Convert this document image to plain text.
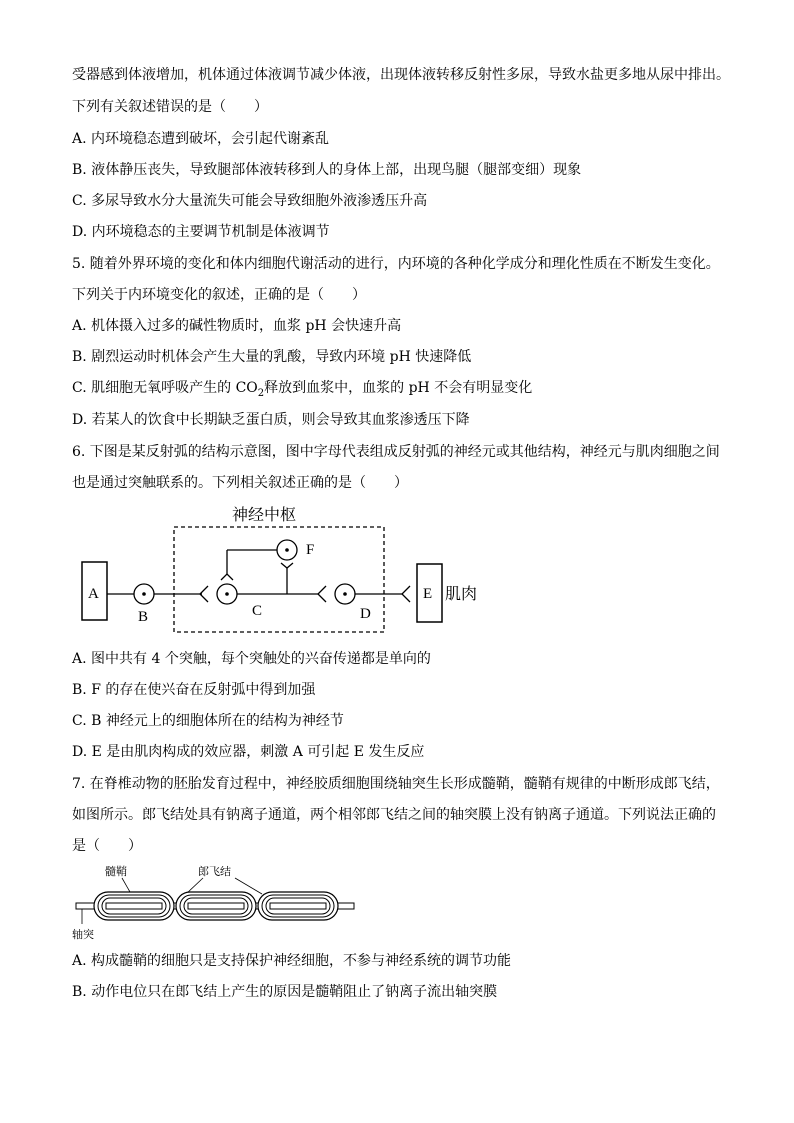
受器感到体液增加，机体通过体液调节减少体液，出现体液转移反射性多尿，导致水盐更多地从尿中排出。
下列有关叙述错误的是（　　）
A. 内环境稳态遭到破坏，会引起代谢紊乱
B. 液体静压丧失，导致腿部体液转移到人的身体上部，出现鸟腿（腿部变细）现象
C. 多尿导致水分大量流失可能会导致细胞外液渗透压升高
D. 内环境稳态的主要调节机制是体液调节
5. 随着外界环境的变化和体内细胞代谢活动的进行，内环境的各种化学成分和理化性质在不断发生变化。
下列关于内环境变化的叙述，正确的是（　　）
A. 机体摄入过多的碱性物质时，血浆 pH 会快速升高
B. 剧烈运动时机体会产生大量的乳酸，导致内环境 pH 快速降低
C. 肌细胞无氧呼吸产生的 $CO_2$释放到血浆中，血浆的 pH 不会有明显变化
D. 若某人的饮食中长期缺乏蛋白质，则会导致其血浆渗透压下降
6. 下图是某反射弧的结构示意图，图中字母代表组成反射弧的神经元或其他结构，神经元与肌肉细胞之间
也是通过突触联系的。下列相关叙述正确的是（　　）
神经中枢
A
B	C
F
D
E 肌肉
A. 图中共有 4 个突触，每个突触处的兴奋传递都是单向的
B. F 的存在使兴奋在反射弧中得到加强
C. B 神经元上的细胞体所在的结构为神经节
D. E 是由肌肉构成的效应器，刺激 A 可引起 E 发生反应
7. 在脊椎动物的胚胎发育过程中，神经胶质细胞围绕轴突生长形成髓鞘，髓鞘有规律的中断形成郎飞结，
如图所示。郎飞结处具有钠离子通道，两个相邻郎飞结之间的轴突膜上没有钠离子通道。下列说法正确的
是（　　）
髓鞘	郎飞结
轴突
A. 构成髓鞘的细胞只是支持保护神经细胞，不参与神经系统的调节功能
B. 动作电位只在郎飞结上产生的原因是髓鞘阻止了钠离子流出轴突膜
